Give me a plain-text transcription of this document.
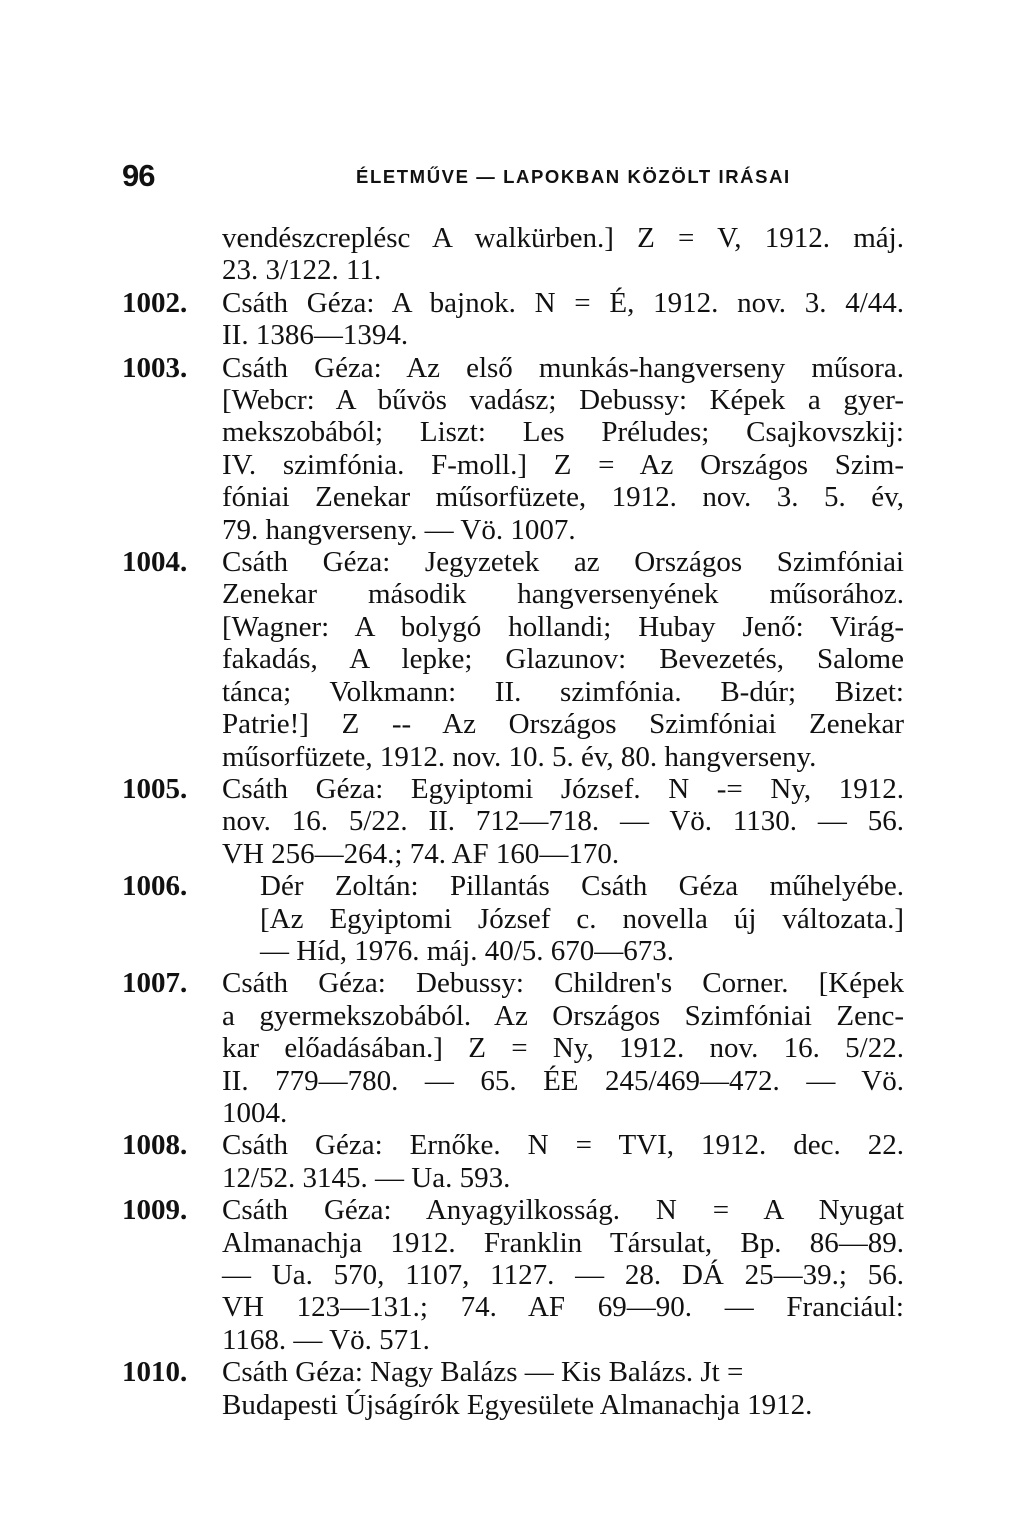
96	ÉLETMŰVE — LAPOKBAN KÖZÖLT IRÁSAI
vendészcreplésc A walkürben.] Z = V, 1912. máj.
23. 3/122. 11.
1002. Csáth Géza: A bajnok. N = É, 1912. nov. 3. 4/44.
II. 1386—1394.
1003. Csáth Géza: Az első munkás-hangverseny műsora.
[Webcr: A bűvös vadász; Debussy: Képek a gyer-
mekszobából; Liszt: Les Préludes; Csajkovszkij:
IV. szimfónia. F-moll.] Z = Az Országos Szim-
fóniai Zenekar műsorfüzete, 1912. nov. 3. 5. év,
79. hangverseny. — Vö. 1007.
1004. Csáth Géza: Jegyzetek az Országos Szimfóniai
Zenekar második hangversenyének műsorához.
[Wagner: A bolygó hollandi; Hubay Jenő: Virág-
fakadás, A lepke; Glazunov: Bevezetés, Salome
tánca; Volkmann: II. szimfónia. B-dúr; Bizet:
Patrie!] Z -- Az Országos Szimfóniai Zenekar
műsorfüzete, 1912. nov. 10. 5. év, 80. hangverseny.
1005. Csáth Géza: Egyiptomi József. N -= Ny, 1912.
nov. 16. 5/22. II. 712—718. — Vö. 1130. — 56.
VH 256—264.; 74. AF 160—170.
1006.	Dér Zoltán: Pillantás Csáth Géza műhelyébe.
[Az Egyiptomi József c. novella új változata.]
— Híd, 1976. máj. 40/5. 670—673.
1007. Csáth Géza: Debussy: Children's Corner. [Képek
a gyermekszobából. Az Országos Szimfóniai Zenc-
kar előadásában.] Z = Ny, 1912. nov. 16. 5/22.
II. 779—780. — 65. ÉE 245/469—472. — Vö.
1004.
1008. Csáth Géza: Ernőke. N = TVI, 1912. dec. 22.
12/52. 3145. — Ua. 593.
1009. Csáth Géza: Anyagyilkosság. N = A Nyugat
Almanachja 1912. Franklin Társulat, Bp. 86—89.
— Ua. 570, 1107, 1127. — 28. DÁ 25—39.; 56.
VH 123—131.; 74. AF 69—90. — Franciául:
1168. — Vö. 571.
1010. Csáth Géza: Nagy Balázs — Kis Balázs. Jt =
Budapesti Újságírók Egyesülete Almanachja 1912.
